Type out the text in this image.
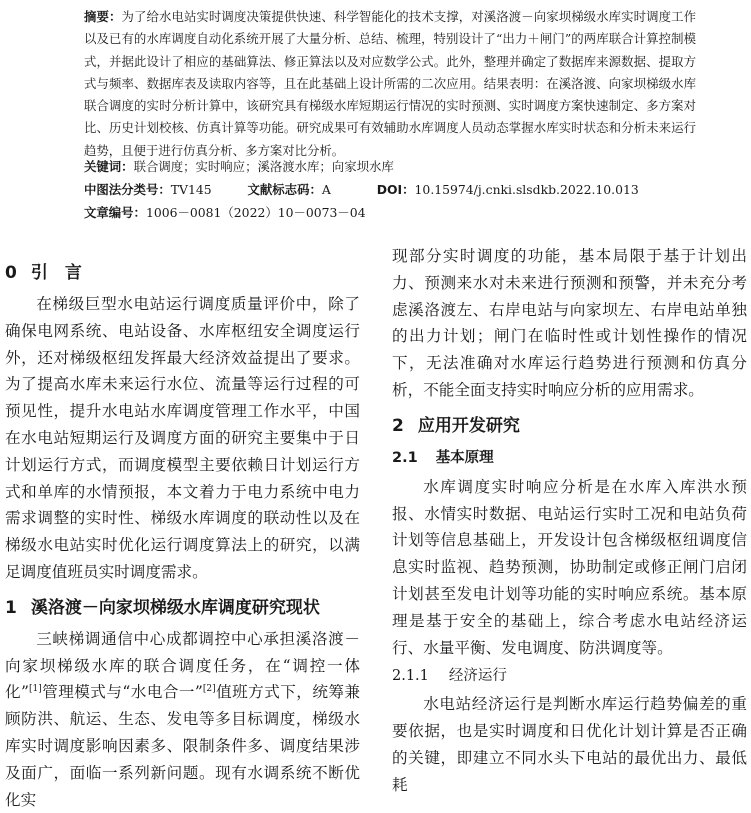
摘要：为了给水电站实时调度决策提供快速、科学智能化的技术支撑，对溪洛渡－向家坝梯级水库实时调度工作以及已有的水库调度自动化系统开展了大量分析、总结、梳理，特别设计了“出力＋闸门”的两库联合计算控制模式，并据此设计了相应的基础算法、修正算法以及对应数学公式。此外，整理并确定了数据库来源数据、提取方式与频率、数据库表及读取内容等，且在此基础上设计所需的二次应用。结果表明：在溪洛渡、向家坝梯级水库联合调度的实时分析计算中，该研究具有梯级水库短期运行情况的实时预测、实时调度方案快速制定、多方案对比、历史计划校核、仿真计算等功能。研究成果可有效辅助水库调度人员动态掌握水库实时状态和分析未来运行趋势，且便于进行仿真分析、多方案对比分析。
关键词：联合调度；实时响应；溪洛渡水库；向家坝水库
中图法分类号：TV145	文献标志码：A	DOI：10.15974/j.cnki.slsdkb.2022.10.013
文章编号：1006－0081（2022）10－0073－04
0 引　言

在梯级巨型水电站运行调度质量评价中，除了确保电网系统、电站设备、水库枢纽安全调度运行外，还对梯级枢纽发挥最大经济效益提出了要求。为了提高水库未来运行水位、流量等运行过程的可预见性，提升水电站水库调度管理工作水平，中国在水电站短期运行及调度方面的研究主要集中于日计划运行方式，而调度模型主要依赖日计划运行方式和单库的水情预报，本文着力于电力系统中电力需求调整的实时性、梯级水库调度的联动性以及在梯级水电站实时优化运行调度算法上的研究，以满足调度值班员实时调度需求。

1 溪洛渡－向家坝梯级水库调度研究现状

三峡梯调通信中心成都调控中心承担溪洛渡－向家坝梯级水库的联合调度任务，在“调控一体化”[1]管理模式与“水电合一”[2]值班方式下，统筹兼顾防洪、航运、生态、发电等多目标调度，梯级水库实时调度影响因素多、限制条件多、调度结果涉及面广，面临一系列新问题。现有水调系统不断优化实

现部分实时调度的功能，基本局限于基于计划出力、预测来水对未来进行预测和预警，并未充分考虑溪洛渡左、右岸电站与向家坝左、右岸电站单独的出力计划；闸门在临时性或计划性操作的情况下，无法准确对水库运行趋势进行预测和仿真分析，不能全面支持实时响应分析的应用需求。

2 应用开发研究
2.1 基本原理

水库调度实时响应分析是在水库入库洪水预报、水情实时数据、电站运行实时工况和电站负荷计划等信息基础上，开发设计包含梯级枢纽调度信息实时监视、趋势预测，协助制定或修正闸门启闭计划甚至发电计划等功能的实时响应系统。基本原理是基于安全的基础上，综合考虑水电站经济运行、水量平衡、发电调度、防洪调度等。

2.1.1 经济运行

水电站经济运行是判断水库运行趋势偏差的重要依据，也是实时调度和日优化计划计算是否正确的关键，即建立不同水头下电站的最优出力、最低耗
